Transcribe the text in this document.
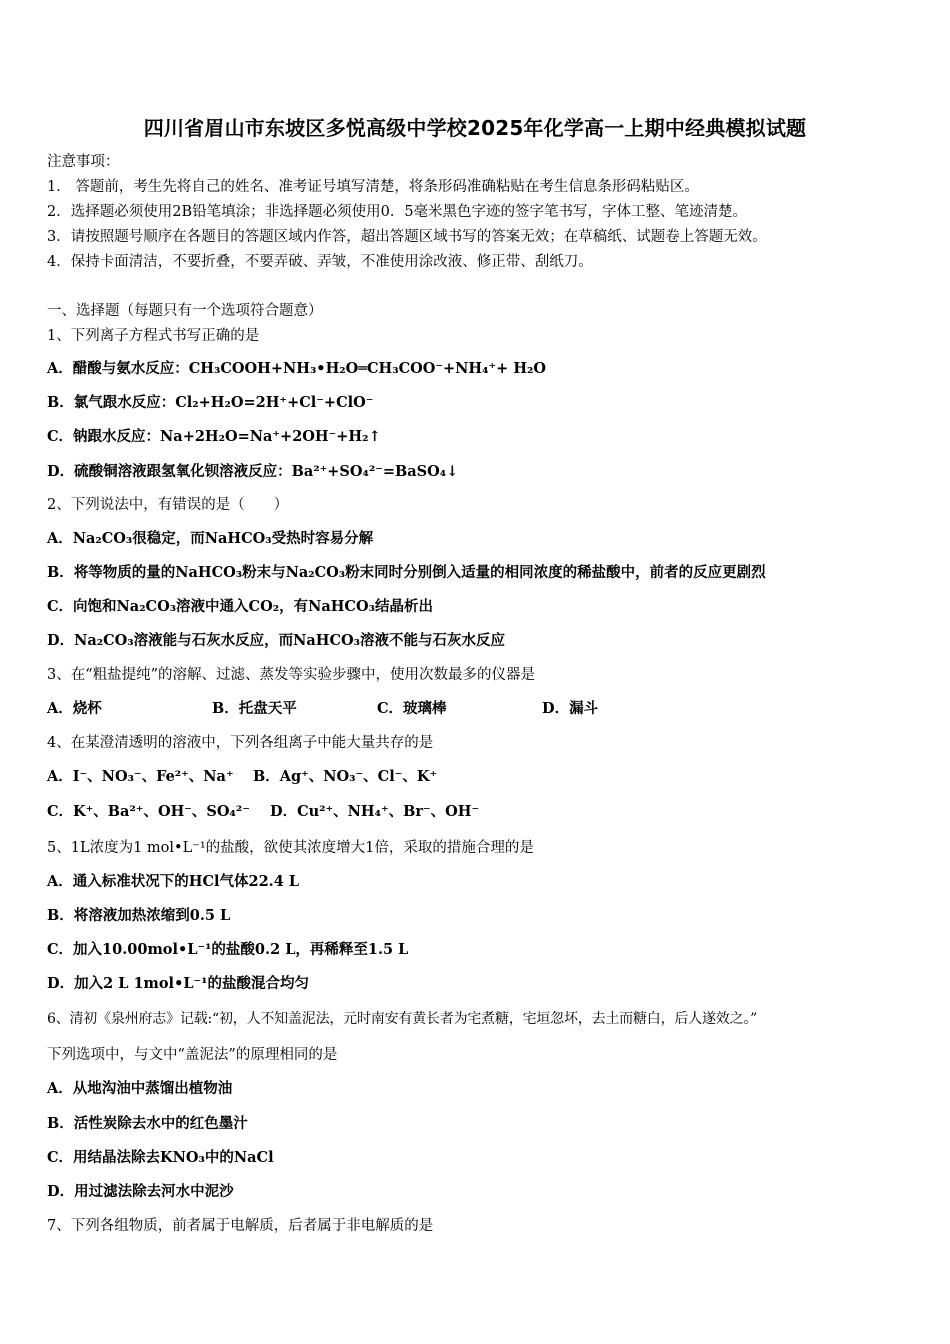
四川省眉山市东坡区多悦高级中学校2025年化学高一上期中经典模拟试题
注意事项：
1． 答题前，考生先将自己的姓名、准考证号填写清楚，将条形码准确粘贴在考生信息条形码粘贴区。
2．选择题必须使用2B铅笔填涂；非选择题必须使用0．5毫米黑色字迹的签字笔书写，字体工整、笔迹清楚。
3．请按照题号顺序在各题目的答题区域内作答，超出答题区域书写的答案无效；在草稿纸、试题卷上答题无效。
4．保持卡面清洁，不要折叠，不要弄破、弄皱，不准使用涂改液、修正带、刮纸刀。
一、选择题（每题只有一个选项符合题意）
1、下列离子方程式书写正确的是
A．醋酸与氨水反应：CH₃COOH+NH₃•H₂O═CH₃COO⁻+NH₄⁺+ H₂O
B．氯气跟水反应：Cl₂+H₂O=2H⁺+Cl⁻+ClO⁻
C．钠跟水反应：Na+2H₂O=Na⁺+2OH⁻+H₂↑
D．硫酸铜溶液跟氢氧化钡溶液反应：Ba²⁺+SO₄²⁻=BaSO₄↓
2、下列说法中，有错误的是（　　）
A．Na₂CO₃很稳定，而NaHCO₃受热时容易分解
B．将等物质的量的NaHCO₃粉末与Na₂CO₃粉末同时分别倒入适量的相同浓度的稀盐酸中，前者的反应更剧烈
C．向饱和Na₂CO₃溶液中通入CO₂，有NaHCO₃结晶析出
D．Na₂CO₃溶液能与石灰水反应，而NaHCO₃溶液不能与石灰水反应
3、在“粗盐提纯”的溶解、过滤、蒸发等实验步骤中，使用次数最多的仪器是
A．烧杯	B．托盘天平	C．玻璃棒	D．漏斗
4、在某澄清透明的溶液中，下列各组离子中能大量共存的是
A．I⁻、NO₃⁻、Fe²⁺、Na⁺ B．Ag⁺、NO₃⁻、Cl⁻、K⁺
C．K⁺、Ba²⁺、OH⁻、SO₄²⁻ D．Cu²⁺、NH₄⁺、Br⁻、OH⁻
5、1L浓度为1 mol•L⁻¹的盐酸，欲使其浓度增大1倍，采取的措施合理的是
A．通入标准状况下的HCl气体22.4 L
B．将溶液加热浓缩到0.5 L
C．加入10.00mol•L⁻¹的盐酸0.2 L，再稀释至1.5 L
D．加入2 L 1mol•L⁻¹的盐酸混合均匀
6、清初《泉州府志》记载:“初，人不知盖泥法，元时南安有黄长者为宅煮糖，宅垣忽坏，去土而糖白，后人遂效之。”
下列选项中，与文中“盖泥法”的原理相同的是
A．从地沟油中蒸馏出植物油
B．活性炭除去水中的红色墨汁
C．用结晶法除去KNO₃中的NaCl
D．用过滤法除去河水中泥沙
7、下列各组物质，前者属于电解质，后者属于非电解质的是
